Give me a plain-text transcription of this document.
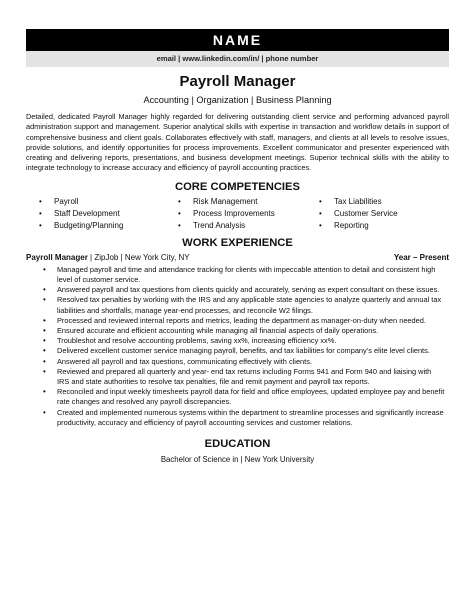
NAME
email | www.linkedin.com/in/ | phone number
Payroll Manager
Accounting | Organization | Business Planning
Detailed, dedicated Payroll Manager highly regarded for delivering outstanding client service and performing advanced payroll administration support and management. Superior analytical skills with expertise in transaction and workflow details in support of comprehensive business and client goals. Collaborates effectively with staff, managers, and clients at all levels to resolve issues, provide solutions, and identify opportunities for process improvements. Excellent communicator and presenter experienced with creating and delivering reports, presentations, and business development meetings. Superior technical skills with the ability to integrate technology to increase accuracy and efficiency of payroll accounting practices.
CORE COMPETENCIES
• Payroll
• Staff Development
• Budgeting/Planning
• Risk Management
• Process Improvements
• Trend Analysis
• Tax Liabilities
• Customer Service
• Reporting
WORK EXPERIENCE
Payroll Manager | ZipJob | New York City, NY	Year – Present
• Managed payroll and time and attendance tracking for clients with impeccable attention to detail and consistent high level of customer service.
• Answered payroll and tax questions from clients quickly and accurately, serving as expert consultant on these issues.
• Resolved tax penalties by working with the IRS and any applicable state agencies to analyze quarterly and annual tax liabilities and shortfalls, manage year-end processes, and reconcile W2 filings.
• Processed and reviewed internal reports and metrics, leading the department as manager-on-duty when needed.
• Ensured accurate and efficient accounting while managing all financial aspects of daily operations.
• Troubleshot and resolve accounting problems, saving xx%, increasing efficiency xx%.
• Delivered excellent customer service managing payroll, benefits, and tax liabilities for company’s elite level clients.
• Answered all payroll and tax questions, communicating effectively with clients.
• Reviewed and prepared all quarterly and year- end tax returns including Forms 941 and Form 940 and liaising with IRS and state authorities to resolve tax penalties, file and remit payment and payroll tax reports.
• Reconciled and input weekly timesheets payroll data for field and office employees, updated employee pay and benefit rate changes and resolved any payroll discrepancies.
• Created and implemented numerous systems within the department to streamline processes and significantly increase productivity, accuracy and efficiency of payroll accounting services and customer relations.
EDUCATION
Bachelor of Science in | New York University
